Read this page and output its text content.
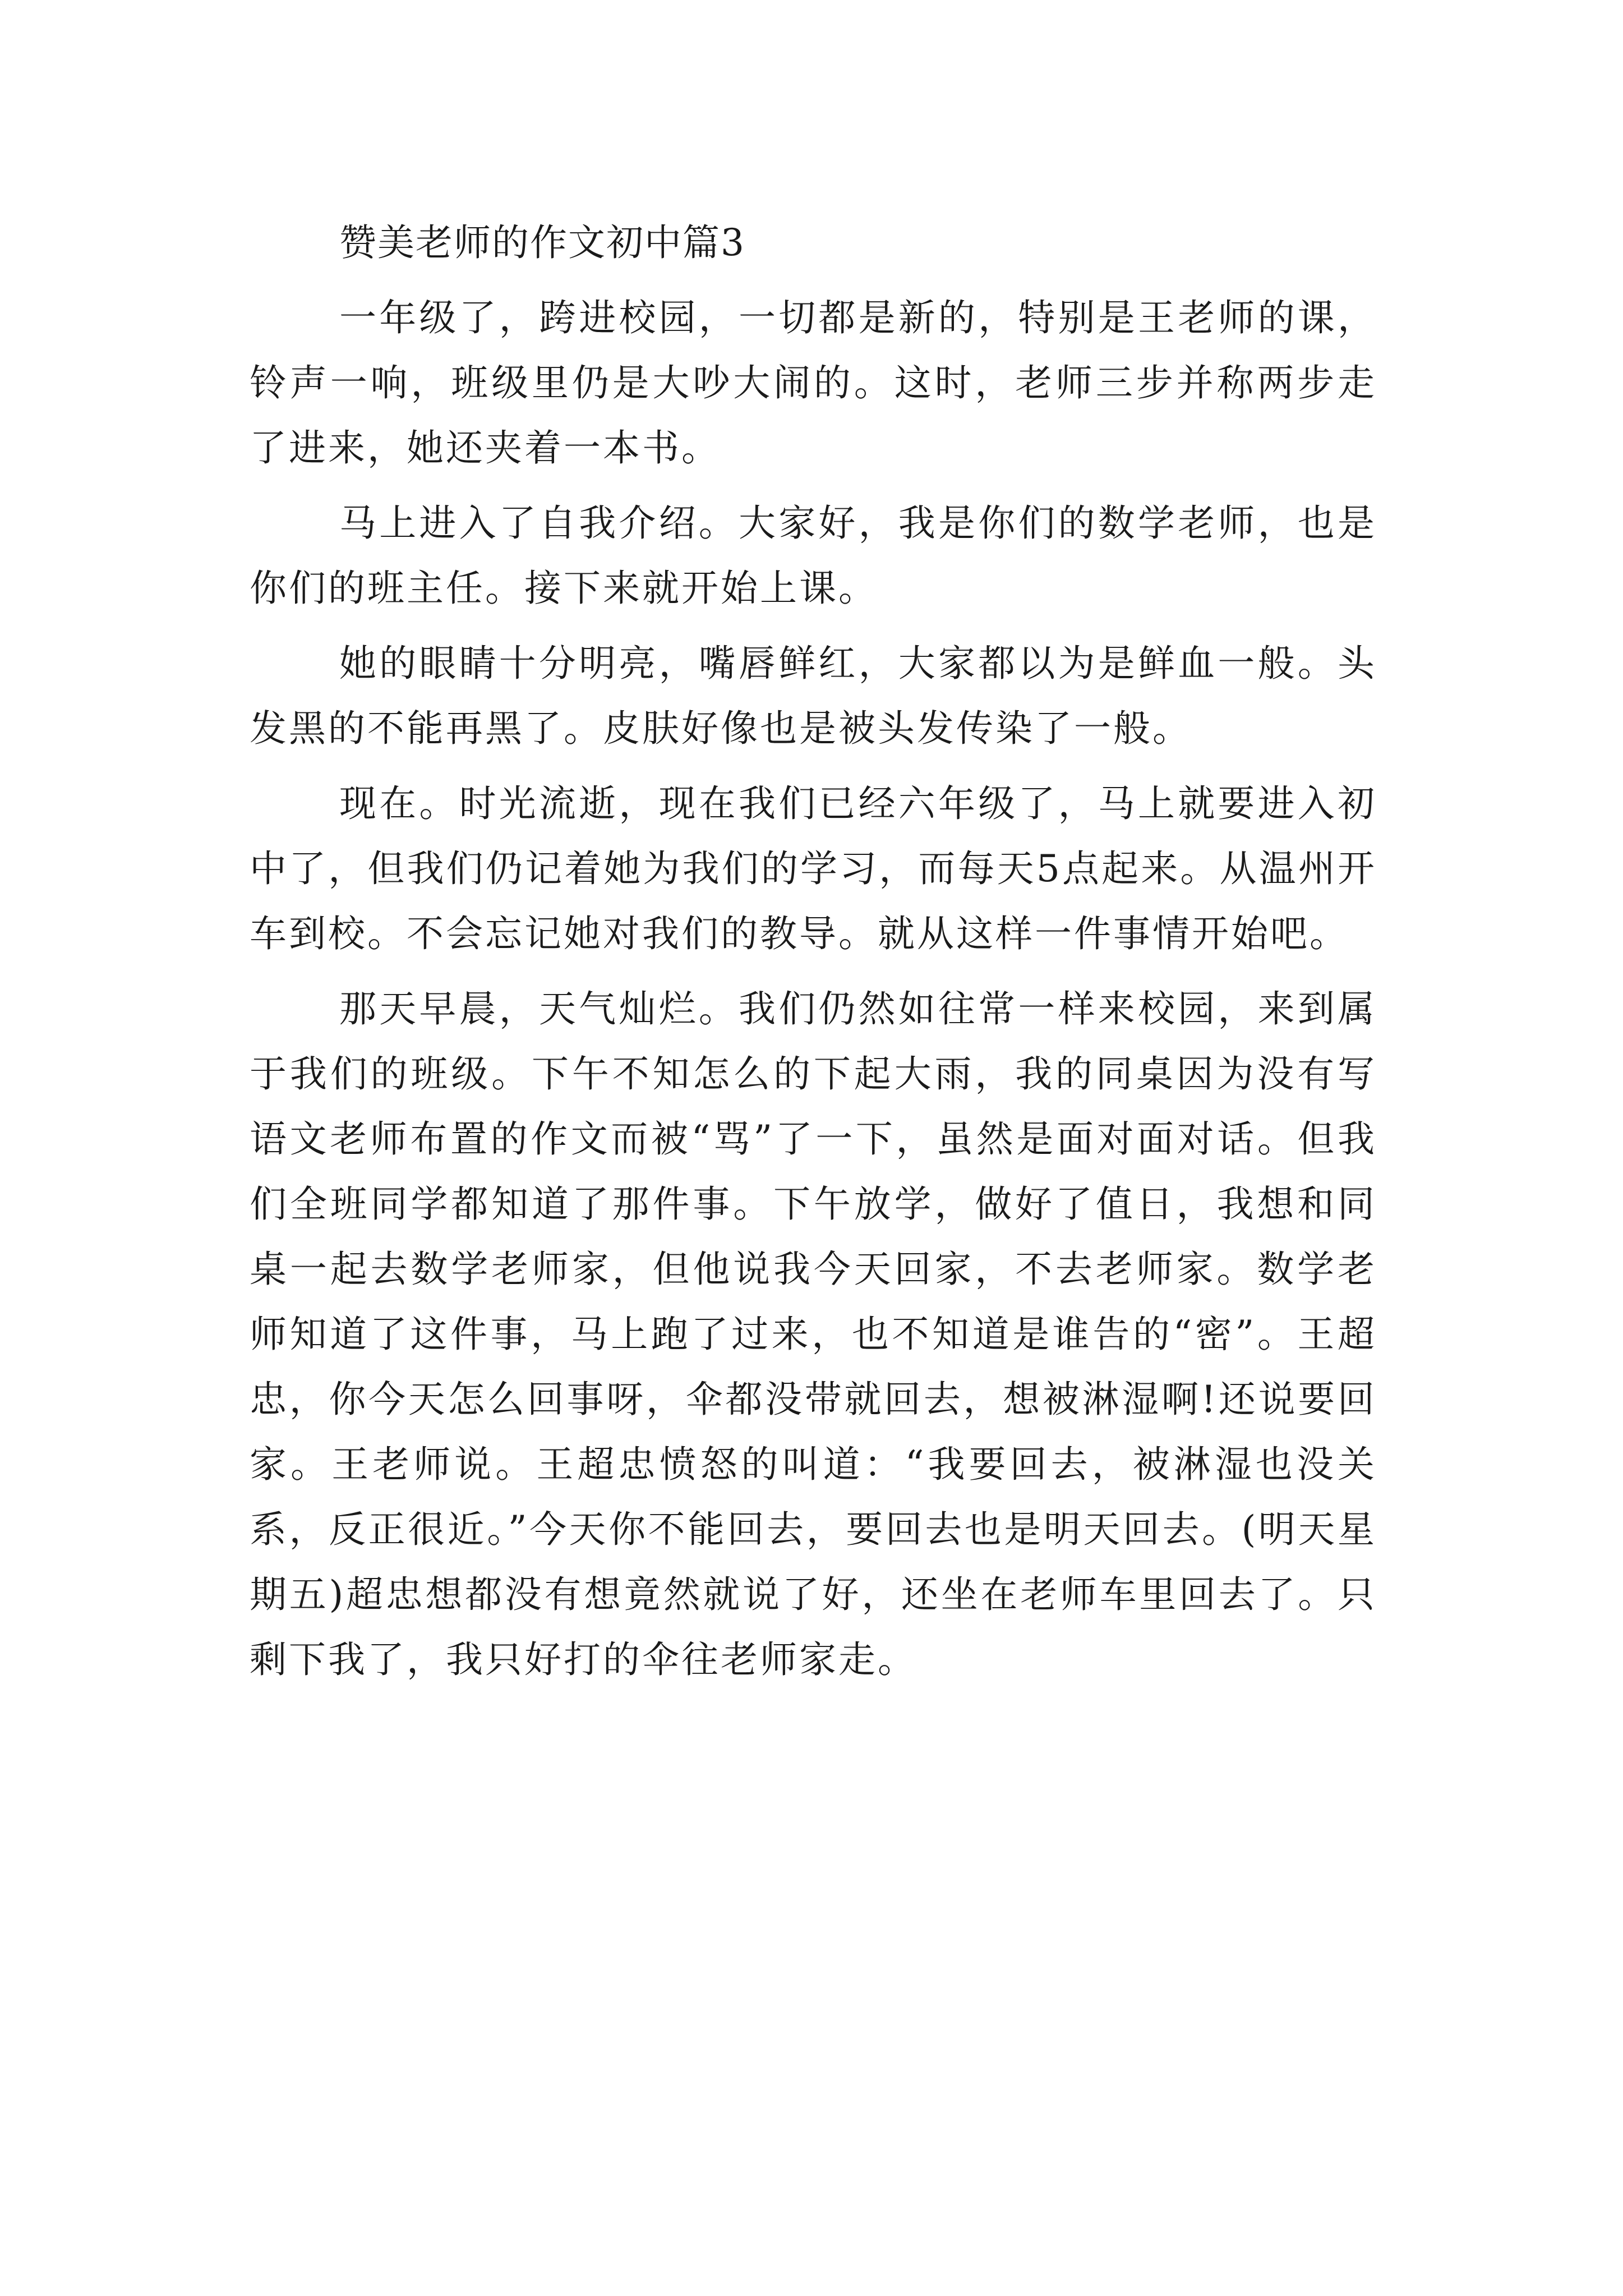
赞美老师的作文初中篇3

一年级了，跨进校园，一切都是新的，特别是王老师的课，铃声一响，班级里仍是大吵大闹的。这时，老师三步并称两步走了进来，她还夹着一本书。

马上进入了自我介绍。大家好，我是你们的数学老师，也是你们的班主任。接下来就开始上课。

她的眼睛十分明亮，嘴唇鲜红，大家都以为是鲜血一般。头发黑的不能再黑了。皮肤好像也是被头发传染了一般。

现在。时光流逝，现在我们已经六年级了，马上就要进入初中了，但我们仍记着她为我们的学习，而每天5点起来。从温州开车到校。不会忘记她对我们的教导。就从这样一件事情开始吧。

那天早晨，天气灿烂。我们仍然如往常一样来校园，来到属于我们的班级。下午不知怎么的下起大雨，我的同桌因为没有写语文老师布置的作文而被“骂”了一下，虽然是面对面对话。但我们全班同学都知道了那件事。下午放学，做好了值日，我想和同桌一起去数学老师家，但他说我今天回家，不去老师家。数学老师知道了这件事，马上跑了过来，也不知道是谁告的“密”。王超忠，你今天怎么回事呀，伞都没带就回去，想被淋湿啊!还说要回家。王老师说。王超忠愤怒的叫道：“我要回去，被淋湿也没关系，反正很近。”今天你不能回去，要回去也是明天回去。(明天星期五)超忠想都没有想竟然就说了好，还坐在老师车里回去了。只剩下我了，我只好打的伞往老师家走。
